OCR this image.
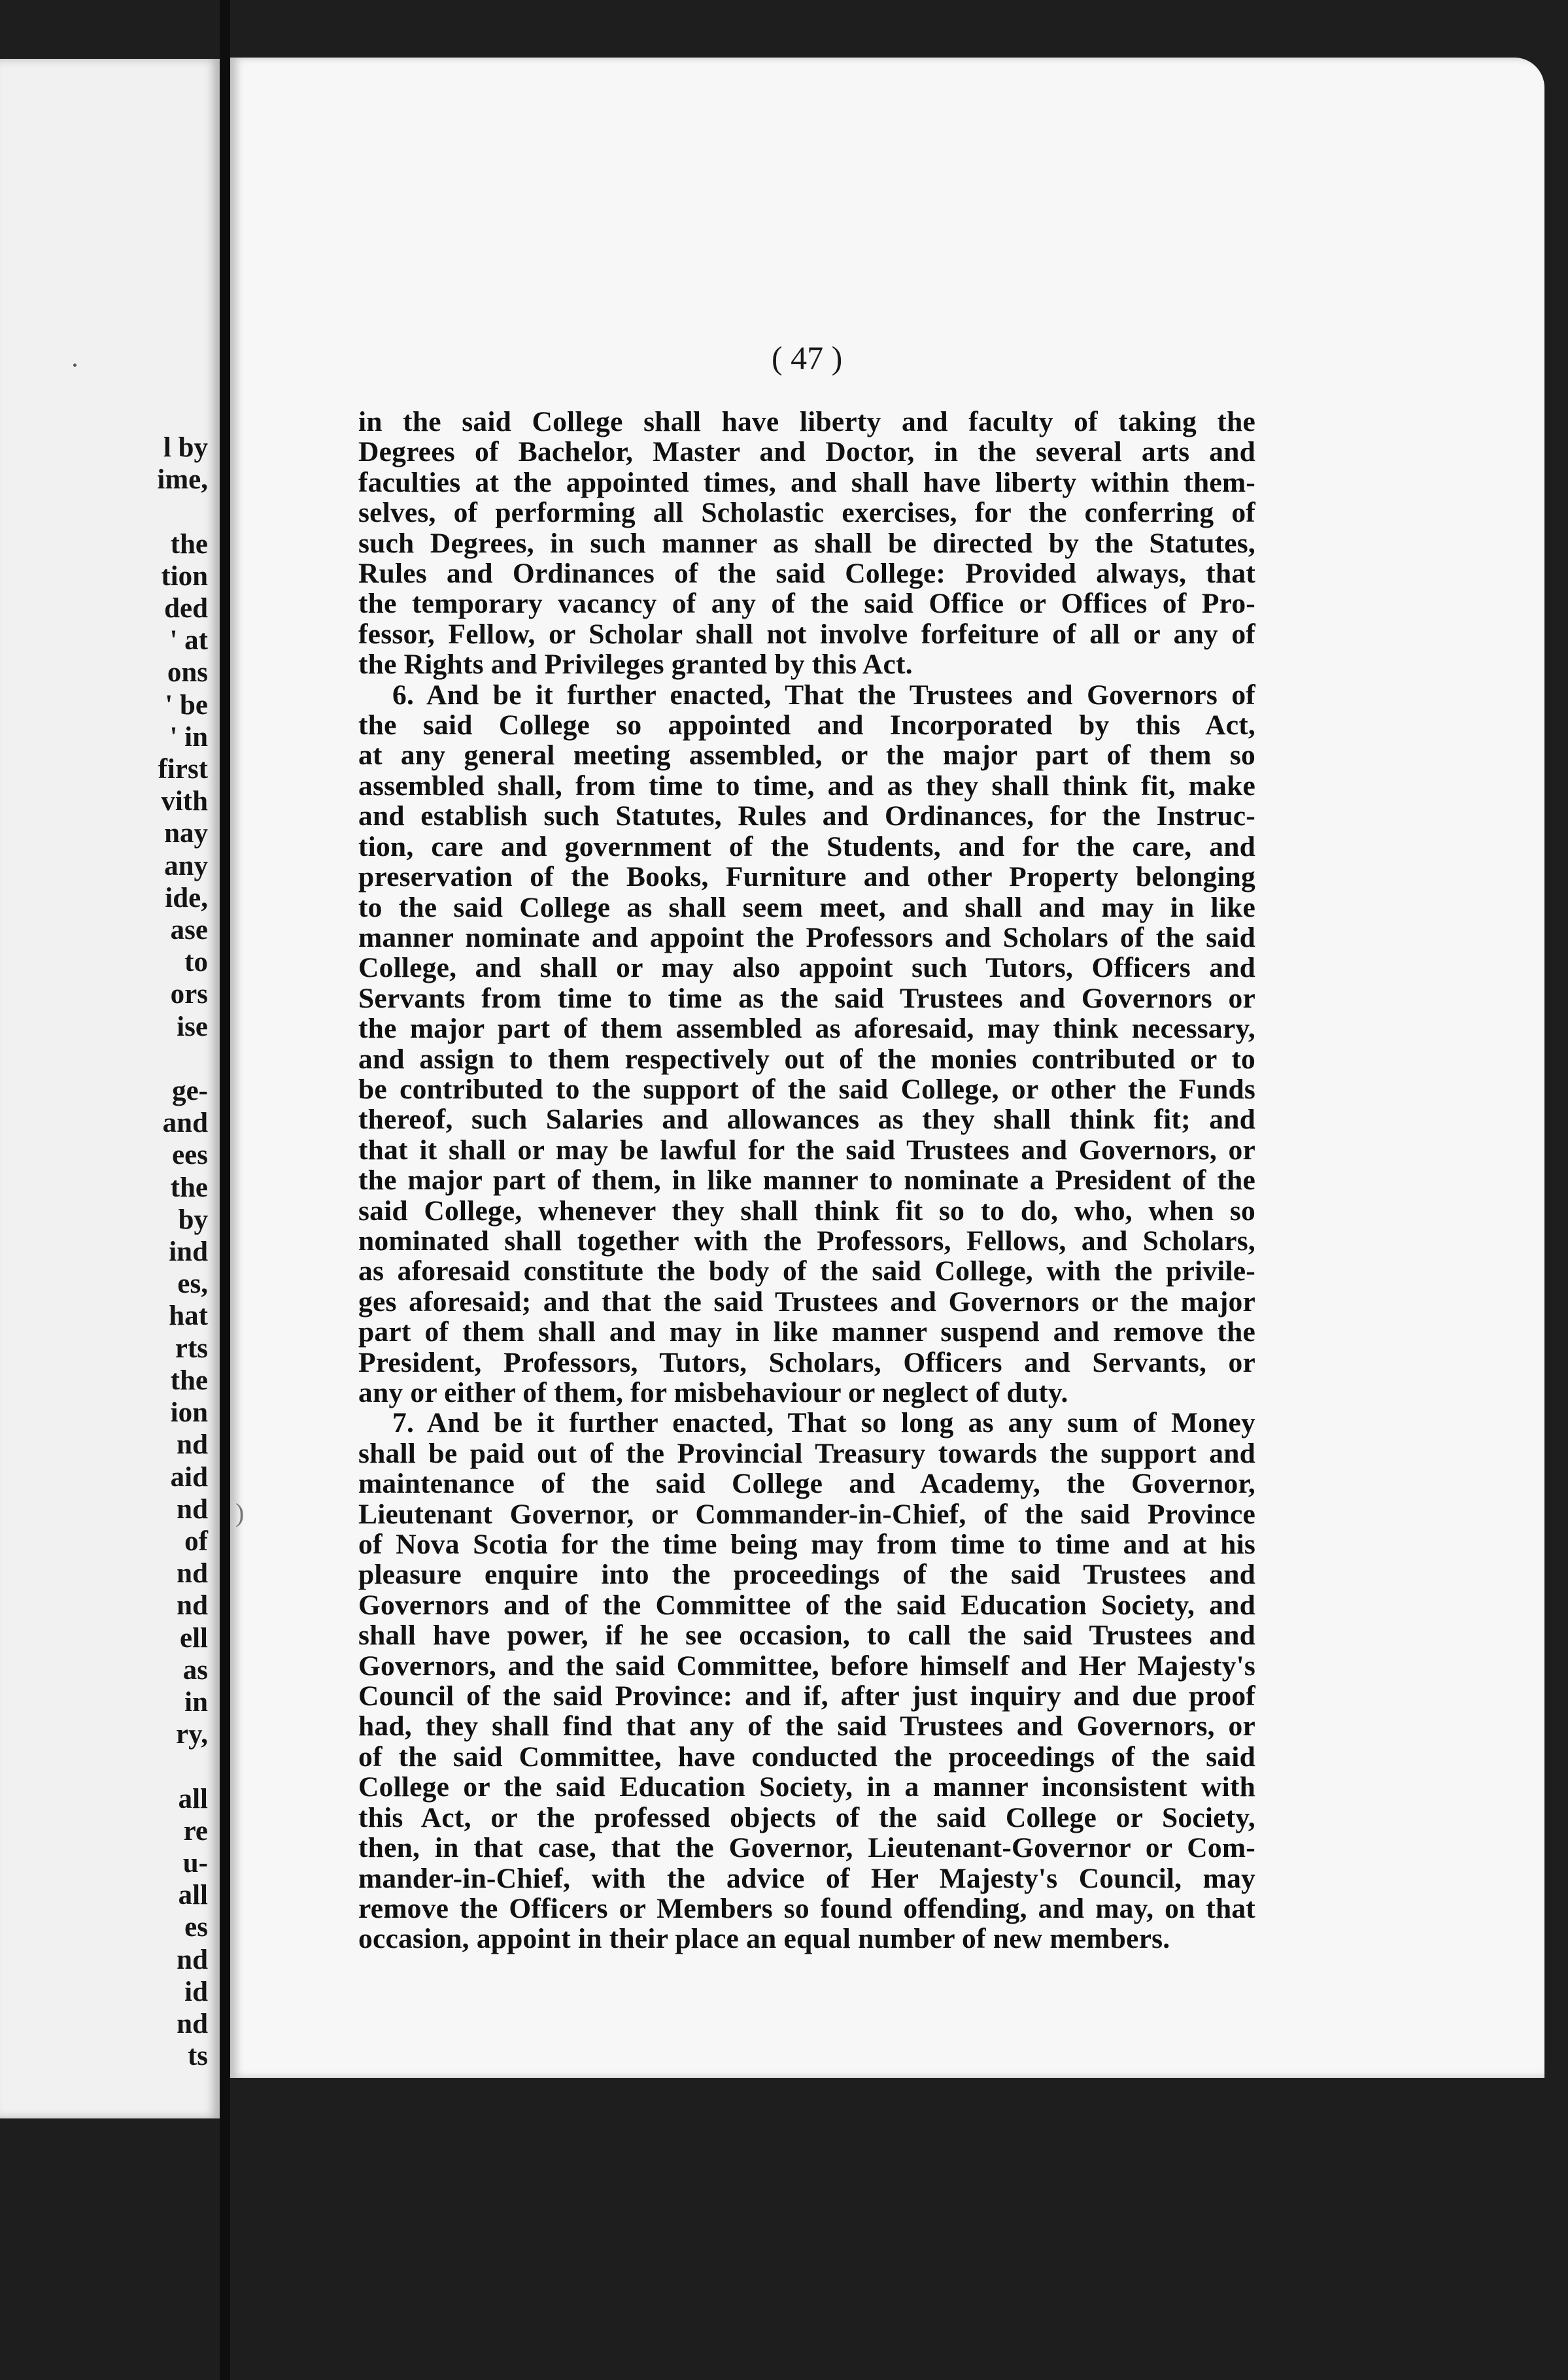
l by
ime,

the
tion
ded
' at
ons
' be
' in
first
vith
nay
any
ide,
ase
to
ors
ise

ge-
and
ees
the
by
ind
es,
hat
rts
the
ion
nd
aid
nd
of
nd
nd
ell
as
in
ry,

all
re
u-
all
es
nd
id
nd
ts
)
( 47 )
in the said College shall have liberty and faculty of taking the
Degrees of Bachelor, Master and Doctor, in the several arts and
faculties at the appointed times, and shall have liberty within them-
selves, of performing all Scholastic exercises, for the conferring of
such Degrees, in such manner as shall be directed by the Statutes,
Rules and Ordinances of the said College: Provided always, that
the temporary vacancy of any of the said Office or Offices of Pro-
fessor, Fellow, or Scholar shall not involve forfeiture of all or any of
the Rights and Privileges granted by this Act.
6. And be it further enacted, That the Trustees and Governors of
the said College so appointed and Incorporated by this Act,
at any general meeting assembled, or the major part of them so
assembled shall, from time to time, and as they shall think fit, make
and establish such Statutes, Rules and Ordinances, for the Instruc-
tion, care and government of the Students, and for the care, and
preservation of the Books, Furniture and other Property belonging
to the said College as shall seem meet, and shall and may in like
manner nominate and appoint the Professors and Scholars of the said
College, and shall or may also appoint such Tutors, Officers and
Servants from time to time as the said Trustees and Governors or
the major part of them assembled as aforesaid, may think necessary,
and assign to them respectively out of the monies contributed or to
be contributed to the support of the said College, or other the Funds
thereof, such Salaries and allowances as they shall think fit; and
that it shall or may be lawful for the said Trustees and Governors, or
the major part of them, in like manner to nominate a President of the
said College, whenever they shall think fit so to do, who, when so
nominated shall together with the Professors, Fellows, and Scholars,
as aforesaid constitute the body of the said College, with the privile-
ges aforesaid; and that the said Trustees and Governors or the major
part of them shall and may in like manner suspend and remove the
President, Professors, Tutors, Scholars, Officers and Servants, or
any or either of them, for misbehaviour or neglect of duty.
7. And be it further enacted, That so long as any sum of Money
shall be paid out of the Provincial Treasury towards the support and
maintenance of the said College and Academy, the Governor,
Lieutenant Governor, or Commander-in-Chief, of the said Province
of Nova Scotia for the time being may from time to time and at his
pleasure enquire into the proceedings of the said Trustees and
Governors and of the Committee of the said Education Society, and
shall have power, if he see occasion, to call the said Trustees and
Governors, and the said Committee, before himself and Her Majesty's
Council of the said Province: and if, after just inquiry and due proof
had, they shall find that any of the said Trustees and Governors, or
of the said Committee, have conducted the proceedings of the said
College or the said Education Society, in a manner inconsistent with
this Act, or the professed objects of the said College or Society,
then, in that case, that the Governor, Lieutenant-Governor or Com-
mander-in-Chief, with the advice of Her Majesty's Council, may
remove the Officers or Members so found offending, and may, on that
occasion, appoint in their place an equal number of new members.
